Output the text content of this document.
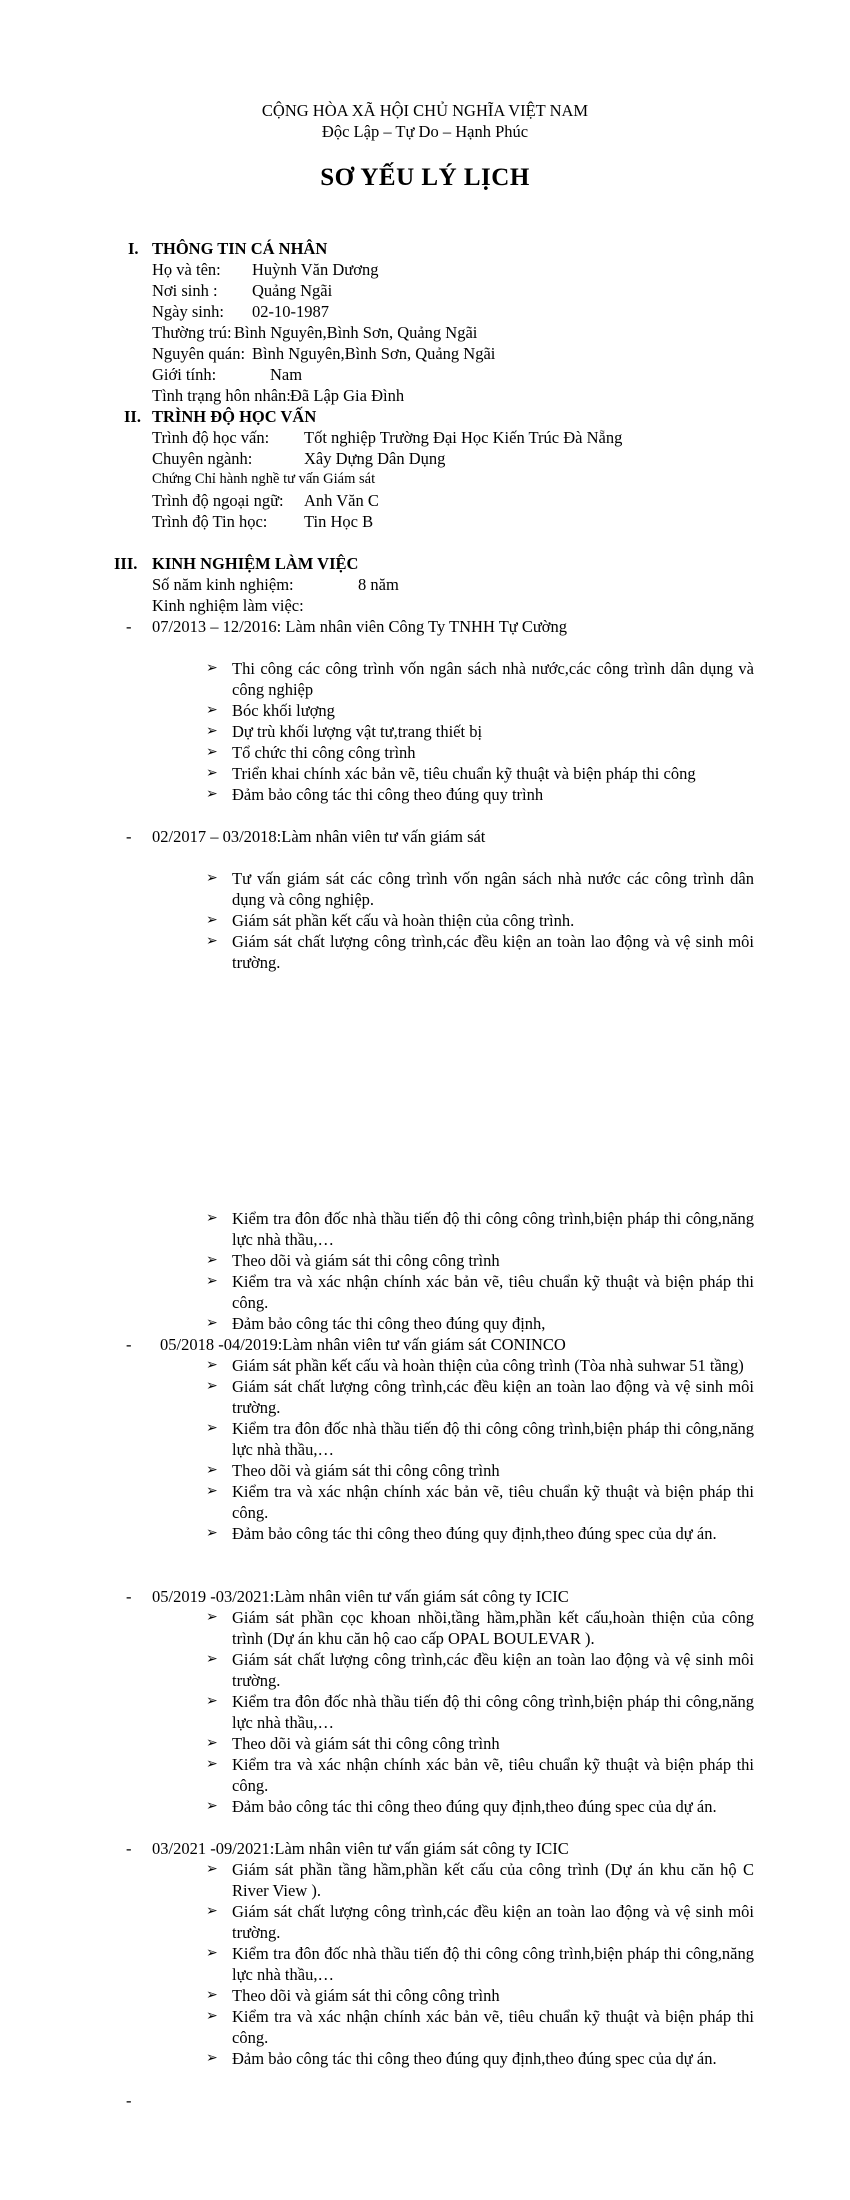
CỘNG HÒA XÃ HỘI CHỦ NGHĨA VIỆT NAM
Độc Lập – Tự Do – Hạnh Phúc
SƠ YẾU LÝ LỊCH
I. THÔNG TIN CÁ NHÂN
Họ và tên: Huỳnh Văn Dương
Nơi sinh : Quảng Ngãi
Ngày sinh: 02-10-1987
Thường trú: Bình Nguyên,Bình Sơn, Quảng Ngãi
Nguyên quán: Bình Nguyên,Bình Sơn, Quảng Ngãi
Giới tính:	Nam
Tình trạng hôn nhân: Đã Lập Gia Đình
II. TRÌNH ĐỘ HỌC VẤN
Trình độ học vấn: Tốt nghiệp Trường Đại Học Kiến Trúc Đà Nẵng
Chuyên ngành:	Xây Dựng Dân Dụng
Chứng Chỉ hành nghề tư vấn Giám sát
Trình độ ngoại ngữ: Anh Văn C
Trình độ Tin học: Tin Học B
III. KINH NGHIỆM LÀM VIỆC
Số năm kinh nghiệm:	8 năm
Kinh nghiệm làm việc:
- 07/2013 – 12/2016: Làm nhân viên Công Ty TNHH Tự Cường
➢ Thi công các công trình vốn ngân sách nhà nước,các công trình dân dụng và công nghiệp
➢ Bóc khối lượng
➢ Dự trù khối lượng vật tư,trang thiết bị
➢ Tổ chức thi công công trình
➢ Triển khai chính xác bản vẽ, tiêu chuẩn kỹ thuật và biện pháp thi công
➢ Đảm bảo công tác thi công theo đúng quy trình
- 02/2017 – 03/2018:Làm nhân viên tư vấn giám sát
➢ Tư vấn giám sát các công trình vốn ngân sách nhà nước các công trình dân dụng và công nghiệp.
➢ Giám sát phần kết cấu và hoàn thiện của công trình.
➢ Giám sát chất lượng công trình,các đều kiện an toàn lao động và vệ sinh môi trường.
➢ Kiểm tra đôn đốc nhà thầu tiến độ thi công công trình,biện pháp thi công,năng lực nhà thầu,…
➢ Theo dõi và giám sát thi công công trình
➢ Kiểm tra và xác nhận chính xác bản vẽ, tiêu chuẩn kỹ thuật và biện pháp thi công.
➢ Đảm bảo công tác thi công theo đúng quy định,
- 05/2018 -04/2019:Làm nhân viên tư vấn giám sát CONINCO
➢ Giám sát phần kết cấu và hoàn thiện của công trình (Tòa nhà suhwar 51 tầng)
➢ Giám sát chất lượng công trình,các đều kiện an toàn lao động và vệ sinh môi trường.
➢ Kiểm tra đôn đốc nhà thầu tiến độ thi công công trình,biện pháp thi công,năng lực nhà thầu,…
➢ Theo dõi và giám sát thi công công trình
➢ Kiểm tra và xác nhận chính xác bản vẽ, tiêu chuẩn kỹ thuật và biện pháp thi công.
➢ Đảm bảo công tác thi công theo đúng quy định,theo đúng spec của dự án.
- 05/2019 -03/2021:Làm nhân viên tư vấn giám sát công ty ICIC
➢ Giám sát phần cọc khoan nhồi,tầng hầm,phần kết cấu,hoàn thiện của công trình (Dự án khu căn hộ cao cấp OPAL BOULEVAR ).
➢ Giám sát chất lượng công trình,các đều kiện an toàn lao động và vệ sinh môi trường.
➢ Kiểm tra đôn đốc nhà thầu tiến độ thi công công trình,biện pháp thi công,năng lực nhà thầu,…
➢ Theo dõi và giám sát thi công công trình
➢ Kiểm tra và xác nhận chính xác bản vẽ, tiêu chuẩn kỹ thuật và biện pháp thi công.
➢ Đảm bảo công tác thi công theo đúng quy định,theo đúng spec của dự án.
- 03/2021 -09/2021:Làm nhân viên tư vấn giám sát công ty ICIC
➢ Giám sát phần tầng hầm,phần kết cấu của công trình (Dự án khu căn hộ C River View ).
➢ Giám sát chất lượng công trình,các đều kiện an toàn lao động và vệ sinh môi trường.
➢ Kiểm tra đôn đốc nhà thầu tiến độ thi công công trình,biện pháp thi công,năng lực nhà thầu,…
➢ Theo dõi và giám sát thi công công trình
➢ Kiểm tra và xác nhận chính xác bản vẽ, tiêu chuẩn kỹ thuật và biện pháp thi công.
➢ Đảm bảo công tác thi công theo đúng quy định,theo đúng spec của dự án.
-
